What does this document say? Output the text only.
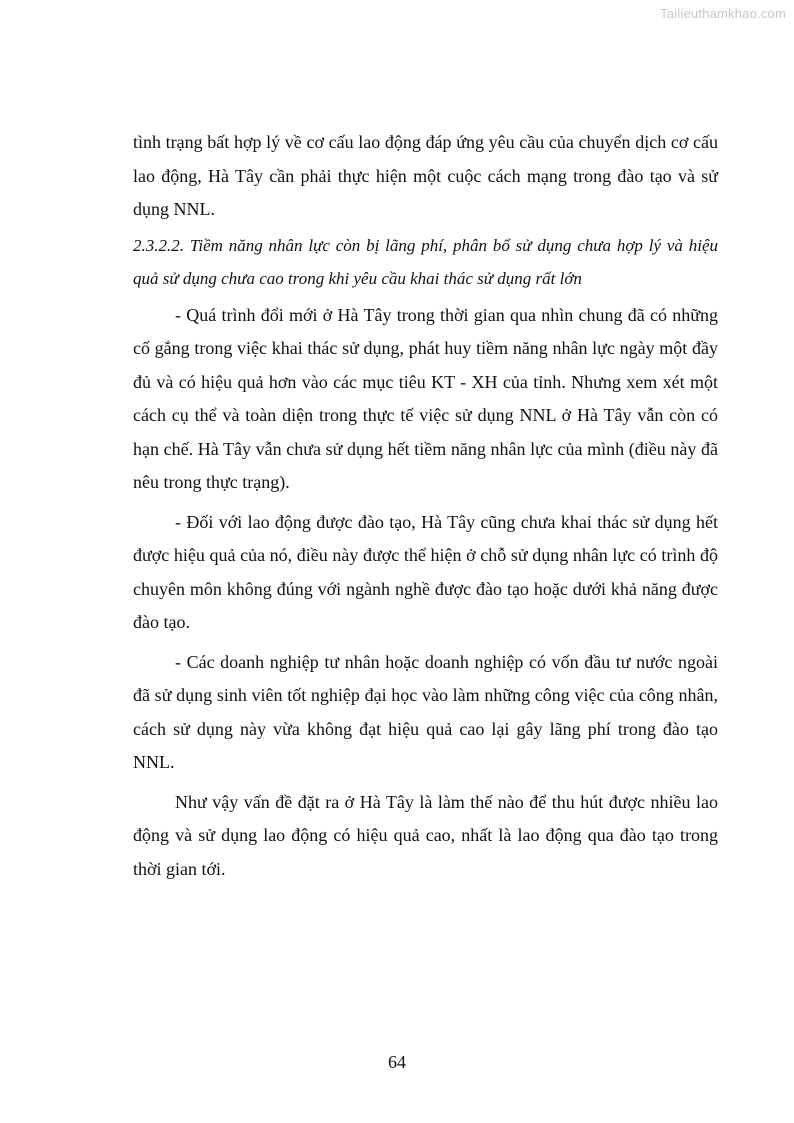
Tailieuthamkhao.com

tình trạng bất hợp lý về cơ cấu lao động đáp ứng yêu cầu của chuyển dịch cơ cấu lao động, Hà Tây cần phải thực hiện một cuộc cách mạng trong đào tạo và sử dụng NNL.

2.3.2.2. Tiềm năng nhân lực còn bị lãng phí, phân bổ sử dụng chưa hợp lý và hiệu quả sử dụng chưa cao trong khi yêu cầu khai thác sử dụng rất lớn

- Quá trình đổi mới ở Hà Tây trong thời gian qua nhìn chung đã có những cố gắng trong việc khai thác sử dụng, phát huy tiềm năng nhân lực ngày một đầy đủ và có hiệu quả hơn vào các mục tiêu KT - XH của tỉnh. Nhưng xem xét một cách cụ thể và toàn diện trong thực tế việc sử dụng NNL ở Hà Tây vẫn còn có hạn chế. Hà Tây vẫn chưa sử dụng hết tiềm năng nhân lực của mình (điều này đã nêu trong thực trạng).

- Đối với lao động được đào tạo, Hà Tây cũng chưa khai thác sử dụng hết được hiệu quả của nó, điều này được thể hiện ở chỗ sử dụng nhân lực có trình độ chuyên môn không đúng với ngành nghề được đào tạo hoặc dưới khả năng được đào tạo.

- Các doanh nghiệp tư nhân hoặc doanh nghiệp có vốn đầu tư nước ngoài đã sử dụng sinh viên tốt nghiệp đại học vào làm những công việc của công nhân, cách sử dụng này vừa không đạt hiệu quả cao lại gây lãng phí trong đào tạo NNL.

Như vậy vấn đề đặt ra ở Hà Tây là làm thế nào để thu hút được nhiều lao động và sử dụng lao động có hiệu quả cao, nhất là lao động qua đào tạo trong thời gian tới.

64
